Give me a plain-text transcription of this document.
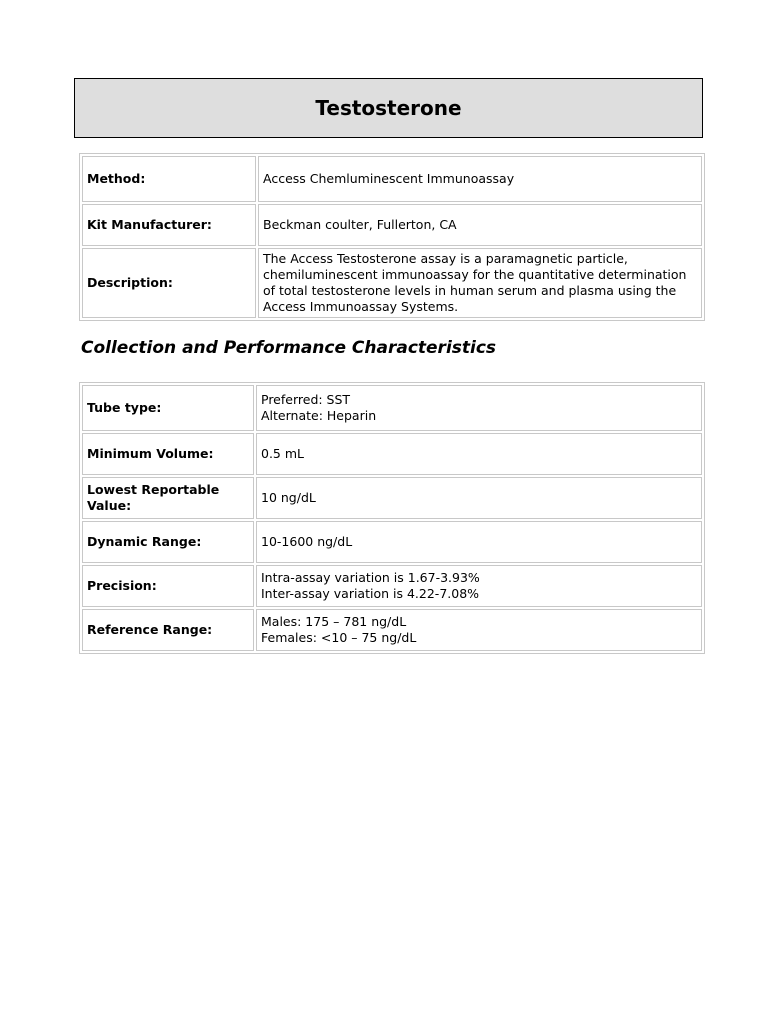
Testosterone
Method:	Access Chemluminescent Immunoassay

Kit Manufacturer:	Beckman coulter, Fullerton, CA

Description:	The Access Testosterone assay is a paramagnetic particle,
chemiluminescent immunoassay for the quantitative determination
of total testosterone levels in human serum and plasma using the
Access Immunoassay Systems.
Collection and Performance Characteristics
Tube type:	Preferred: SST
Alternate: Heparin

Minimum Volume:	0.5 mL

Lowest Reportable
Value:	10 ng/dL

Dynamic Range:	10-1600 ng/dL

Precision:	Intra-assay variation is 1.67-3.93%
Inter-assay variation is 4.22-7.08%

Reference Range:	Males: 175 – 781 ng/dL
Females: <10 – 75 ng/dL
